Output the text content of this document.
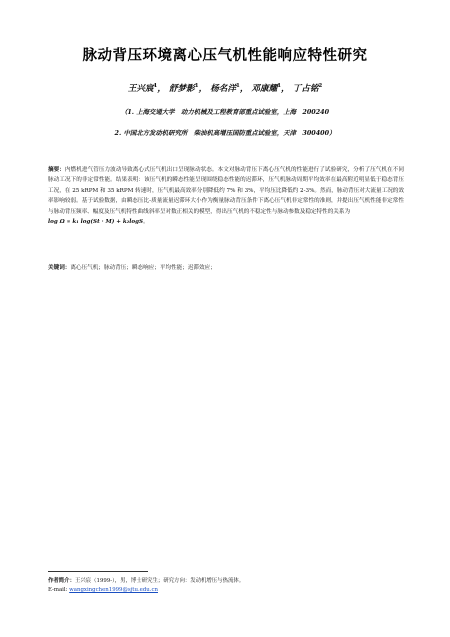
脉动背压环境离心压气机性能响应特性研究
王兴宸$^1$， 舒梦影$^1$， 杨名洋$^1$， 邓康耀$^1$， 丁占铭$^2$
（1. 上海交通大学　动力机械及工程教育部重点试验室，上海　200240
2. 中国北方发动机研究所　柴油机高增压国防重点试验室，天津　300400）
摘要：内燃机进气管压力波动导致离心式压气机出口呈现脉动状态。本文对脉动背压下离心压气机的性能进行了试验研究，分析了压气机在不同脉动工况下的非定常性能。结果表明：该压气机的瞬态性能呈现围绕稳态性能的迟滞环，压气机脉动周期平均效率在最高附近明显低于稳态背压工况，在 25 kRPM 和 35 kRPM 转速时，压气机最高效率分别降低约 7% 和 3%，平均压比降低约 2-3%。然而，脉动背压对大流量工况的效率影响较弱。基于试验数据，由瞬态压比-质量流量迟滞环大小作为衡量脉动背压条件下离心压气机非定常性的准则，并提出压气机性能非定常性与脉动背压频率、幅度及压气机特性曲线斜率呈对数正相关的模型，得出压气机的不稳定性与脉动参数及稳定特性的关系为
log Ω ∝ k₁ log(St · M) + k₂logS。
关键词：离心压气机；脉动背压；瞬态响应；平均性能；迟滞效应；
作者简介：王兴宸（1999-），男，博士研究生；研究方向：发动机增压与热流体。
E-mail: wangxingchen1999@sjtu.edu.cn
